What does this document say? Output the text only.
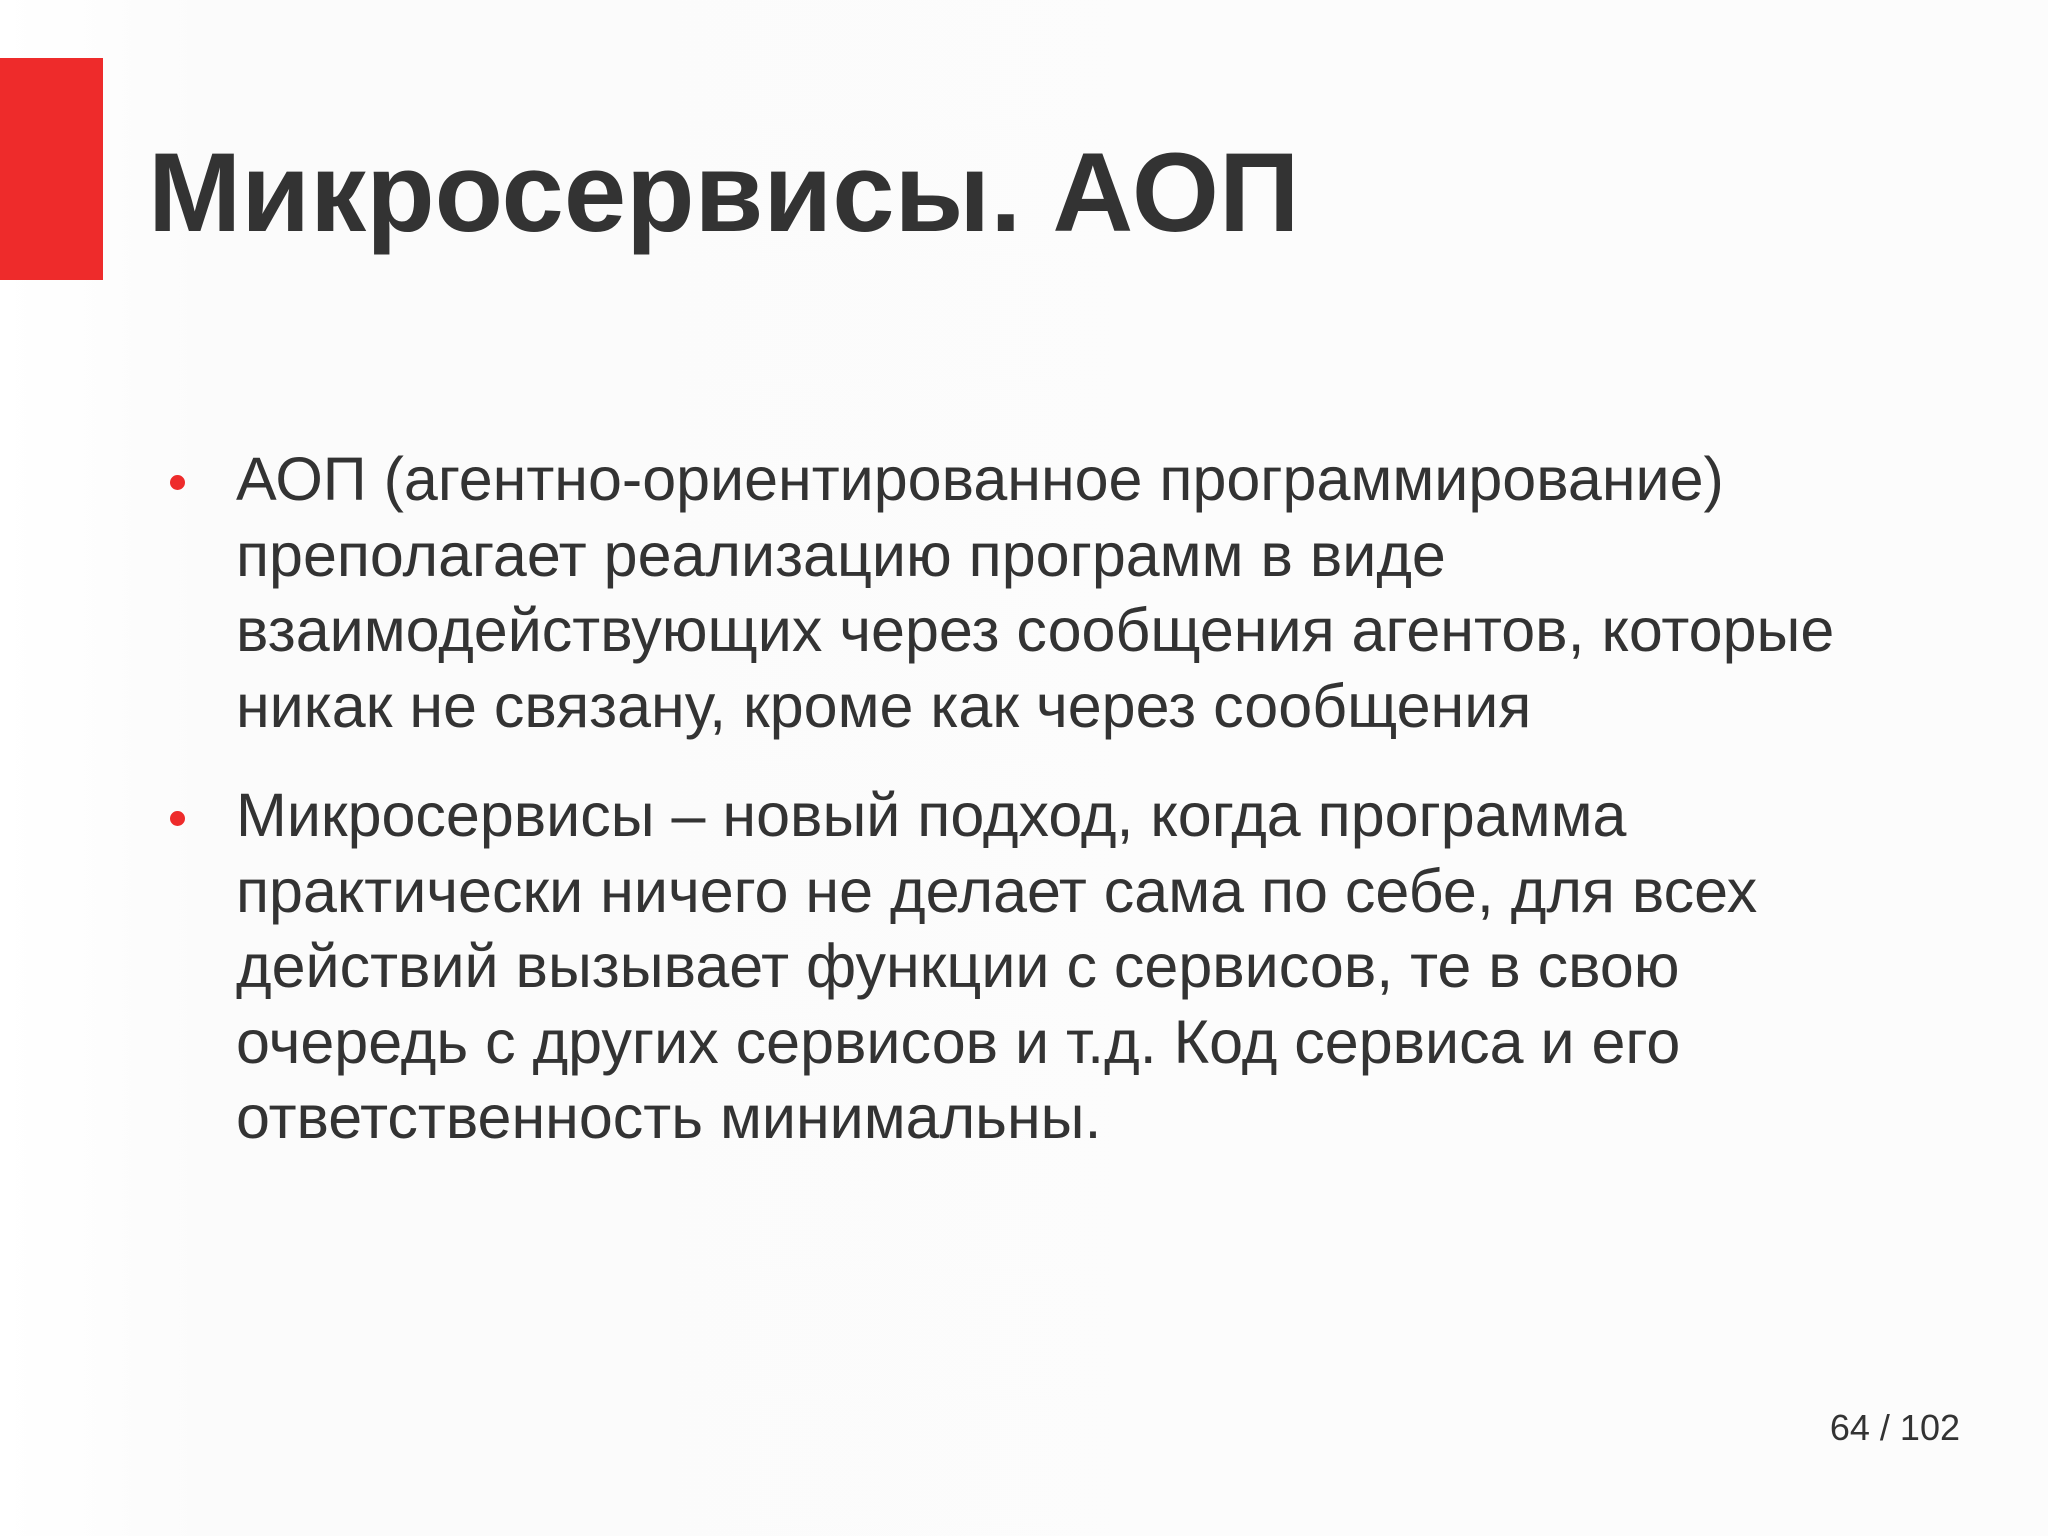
Микросервисы. АОП
АОП (агентно-ориентированное программирование) преполагает реализацию программ в виде взаимодействующих через сообщения агентов, которые никак не связану, кроме как через сообщения
Микросервисы – новый подход, когда программа практически ничего не делает сама по себе, для всех действий вызывает функции с сервисов, те в свою очередь с других сервисов и т.д. Код сервиса и его ответственность минимальны.
64 / 102
